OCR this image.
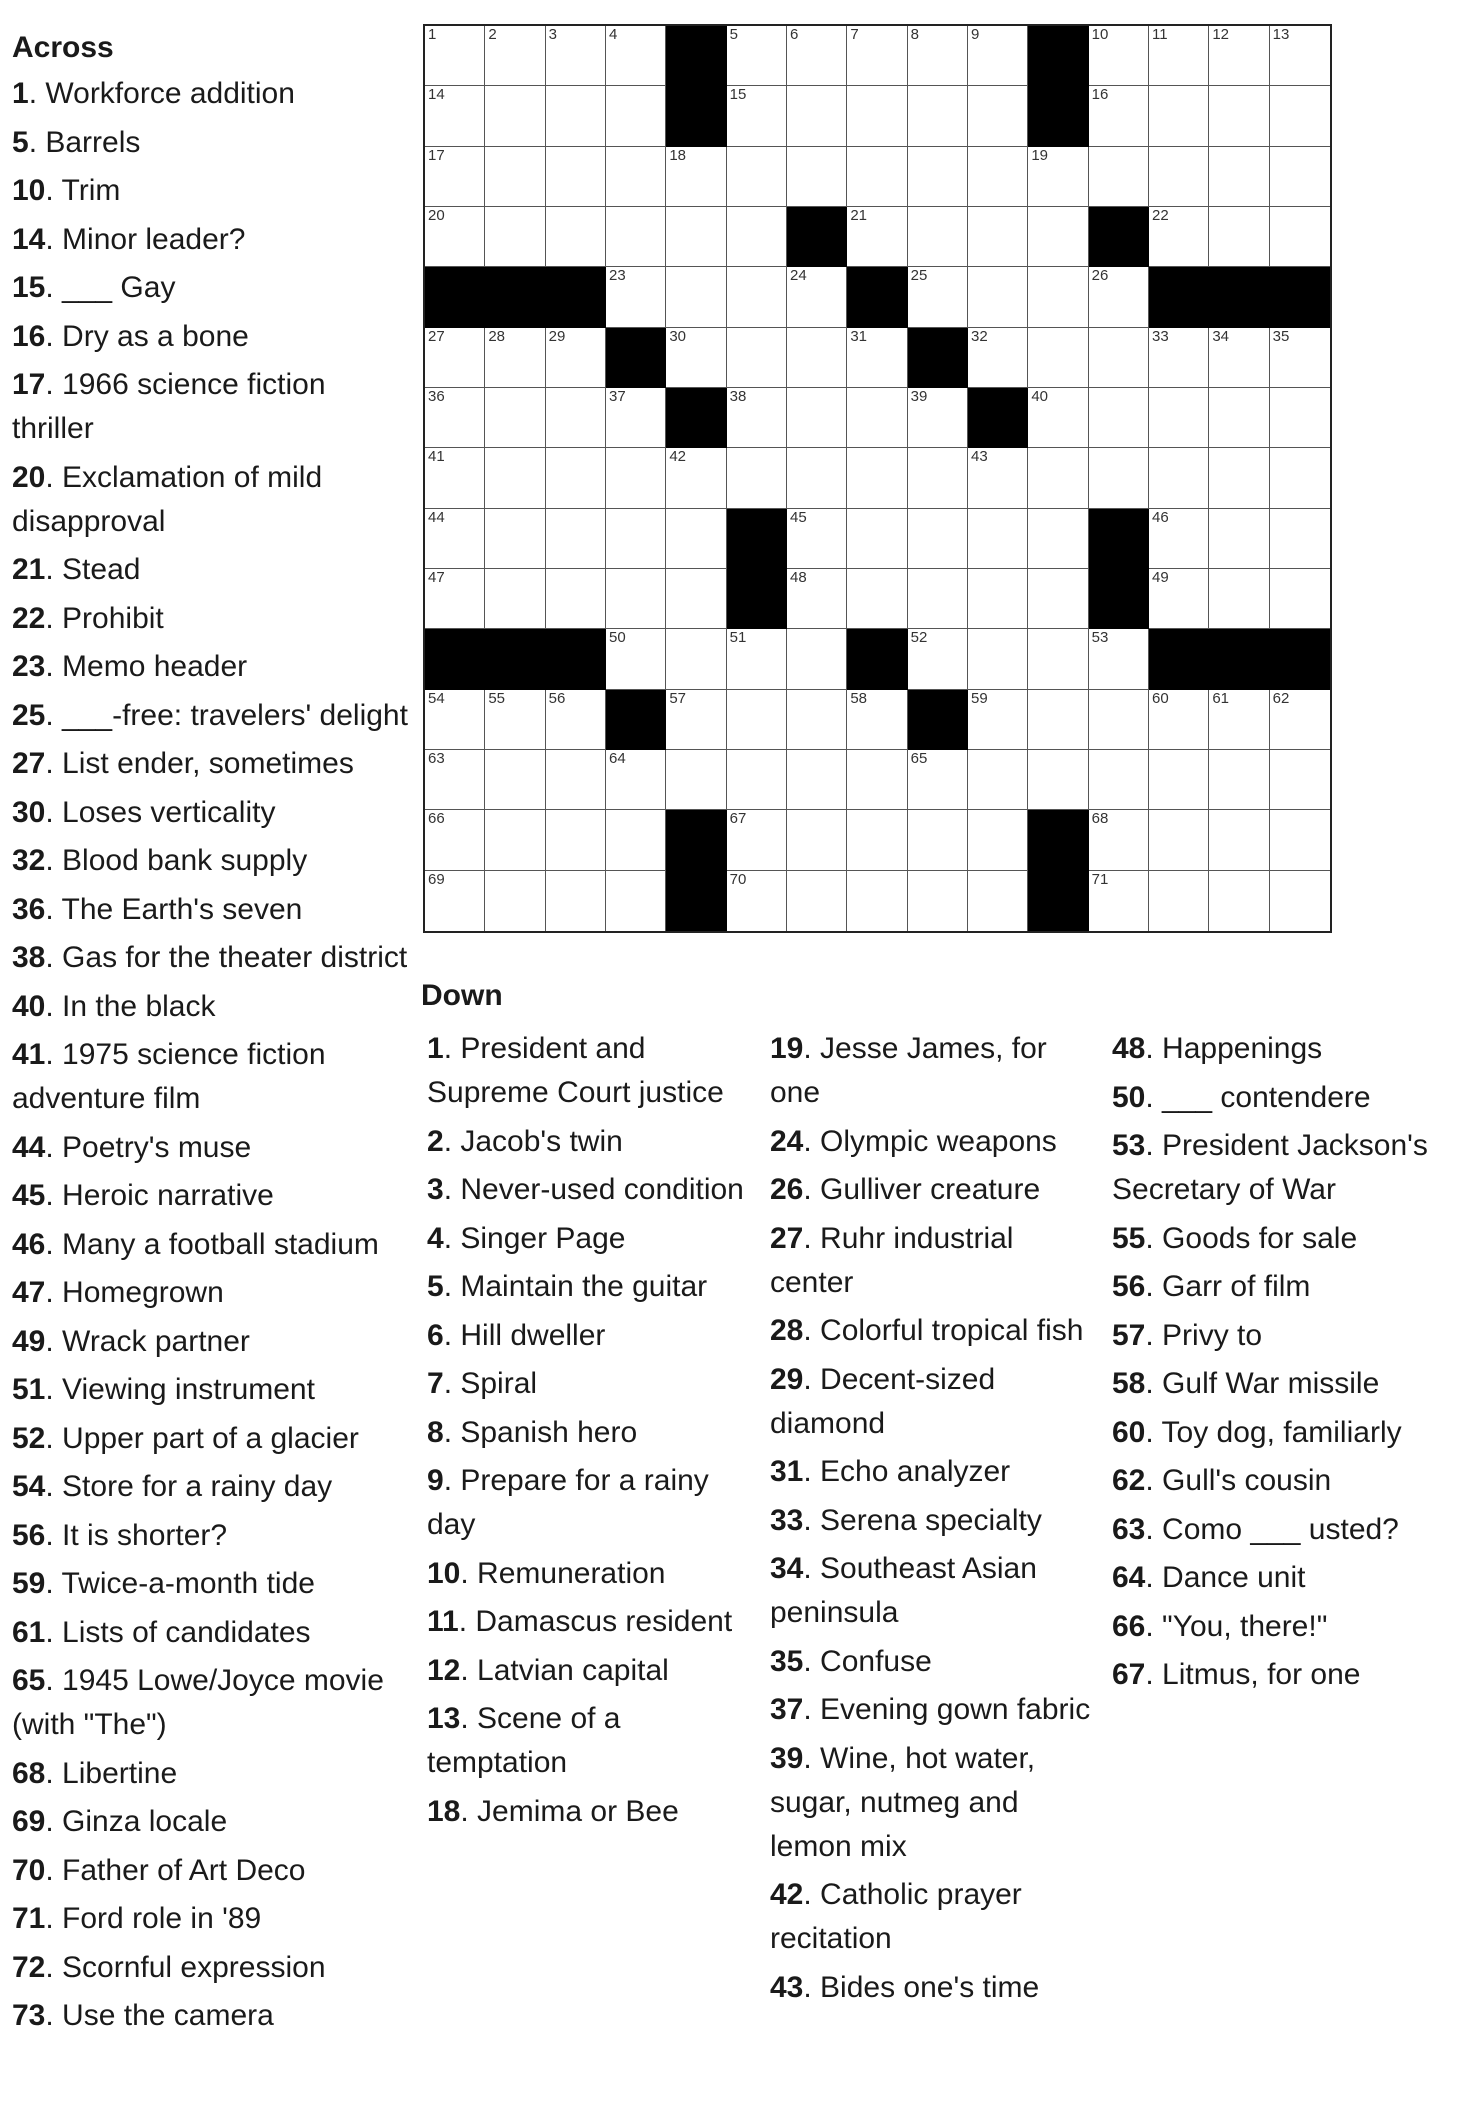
Across
1. Workforce addition
5. Barrels
10. Trim
14. Minor leader?
15. ___ Gay
16. Dry as a bone
17. 1966 science fiction thriller
20. Exclamation of mild disapproval
21. Stead
22. Prohibit
23. Memo header
25. ___-free: travelers' delight
27. List ender, sometimes
30. Loses verticality
32. Blood bank supply
36. The Earth's seven
38. Gas for the theater district
40. In the black
41. 1975 science fiction adventure film
44. Poetry's muse
45. Heroic narrative
46. Many a football stadium
47. Homegrown
49. Wrack partner
51. Viewing instrument
52. Upper part of a glacier
54. Store for a rainy day
56. It is shorter?
59. Twice-a-month tide
61. Lists of candidates
65. 1945 Lowe/Joyce movie (with "The")
68. Libertine
69. Ginza locale
70. Father of Art Deco
71. Ford role in '89
72. Scornful expression
73. Use the camera
1	2	3	4	5	6	7	8	9	10	11	12	13
14	15	16
17	18	19
20	21	22
23	24	25	26
27	28	29	30	31	32	33	34	35
36	37	38	39	40
41	42	43
44	45	46
47	48	49
50	51	52	53
54	55	56	57	58	59	60	61	62
63	64	65
66	67	68
69	70	71
Down
1. President and Supreme Court justice
2. Jacob's twin
3. Never-used condition
4. Singer Page
5. Maintain the guitar
6. Hill dweller
7. Spiral
8. Spanish hero
9. Prepare for a rainy day
10. Remuneration
11. Damascus resident
12. Latvian capital
13. Scene of a temptation
18. Jemima or Bee
19. Jesse James, for one
24. Olympic weapons
26. Gulliver creature
27. Ruhr industrial center
28. Colorful tropical fish
29. Decent-sized diamond
31. Echo analyzer
33. Serena specialty
34. Southeast Asian peninsula
35. Confuse
37. Evening gown fabric
39. Wine, hot water, sugar, nutmeg and lemon mix
42. Catholic prayer recitation
43. Bides one's time
48. Happenings
50. ___ contendere
53. President Jackson's Secretary of War
55. Goods for sale
56. Garr of film
57. Privy to
58. Gulf War missile
60. Toy dog, familiarly
62. Gull's cousin
63. Como ___ usted?
64. Dance unit
66. "You, there!"
67. Litmus, for one
